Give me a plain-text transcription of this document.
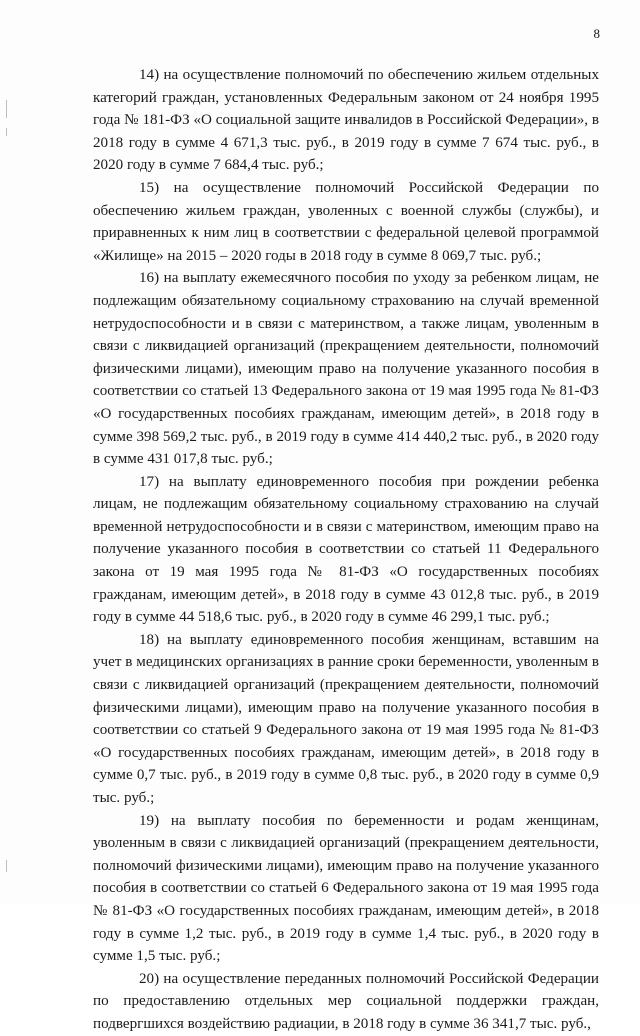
8

14) на осуществление полномочий по обеспечению жильем отдельных категорий граждан, установленных Федеральным законом от 24 ноября 1995 года № 181-ФЗ «О социальной защите инвалидов в Российской Федерации», в 2018 году в сумме 4 671,3 тыс. руб., в 2019 году в сумме 7 674 тыс. руб., в 2020 году в сумме 7 684,4 тыс. руб.;

15) на осуществление полномочий Российской Федерации по обеспечению жильем граждан, уволенных с военной службы (службы), и приравненных к ним лиц в соответствии с федеральной целевой программой «Жилище» на 2015 – 2020 годы в 2018 году в сумме 8 069,7 тыс. руб.;

16) на выплату ежемесячного пособия по уходу за ребенком лицам, не подлежащим обязательному социальному страхованию на случай временной нетрудоспособности и в связи с материнством, а также лицам, уволенным в связи с ликвидацией организаций (прекращением деятельности, полномочий физическими лицами), имеющим право на получение указанного пособия в соответствии со статьей 13 Федерального закона от 19 мая 1995 года № 81-ФЗ «О государственных пособиях гражданам, имеющим детей», в 2018 году в сумме 398 569,2 тыс. руб., в 2019 году в сумме 414 440,2 тыс. руб., в 2020 году в сумме 431 017,8 тыс. руб.;

17) на выплату единовременного пособия при рождении ребенка лицам, не подлежащим обязательному социальному страхованию на случай временной нетрудоспособности и в связи с материнством, имеющим право на получение указанного пособия в соответствии со статьей 11 Федерального закона от 19 мая 1995 года № 81-ФЗ «О государственных пособиях гражданам, имеющим детей», в 2018 году в сумме 43 012,8 тыс. руб., в 2019 году в сумме 44 518,6 тыс. руб., в 2020 году в сумме 46 299,1 тыс. руб.;

18) на выплату единовременного пособия женщинам, вставшим на учет в медицинских организациях в ранние сроки беременности, уволенным в связи с ликвидацией организаций (прекращением деятельности, полномочий физическими лицами), имеющим право на получение указанного пособия в соответствии со статьей 9 Федерального закона от 19 мая 1995 года № 81-ФЗ «О государственных пособиях гражданам, имеющим детей», в 2018 году в сумме 0,7 тыс. руб., в 2019 году в сумме 0,8 тыс. руб., в 2020 году в сумме 0,9 тыс. руб.;

19) на выплату пособия по беременности и родам женщинам, уволенным в связи с ликвидацией организаций (прекращением деятельности, полномочий физическими лицами), имеющим право на получение указанного пособия в соответствии со статьей 6 Федерального закона от 19 мая 1995 года № 81-ФЗ «О государственных пособиях гражданам, имеющим детей», в 2018 году в сумме 1,2 тыс. руб., в 2019 году в сумме 1,4 тыс. руб., в 2020 году в сумме 1,5 тыс. руб.;

20) на осуществление переданных полномочий Российской Федерации по предоставлению отдельных мер социальной поддержки граждан, подвергшихся воздействию радиации, в 2018 году в сумме 36 341,7 тыс. руб.,
